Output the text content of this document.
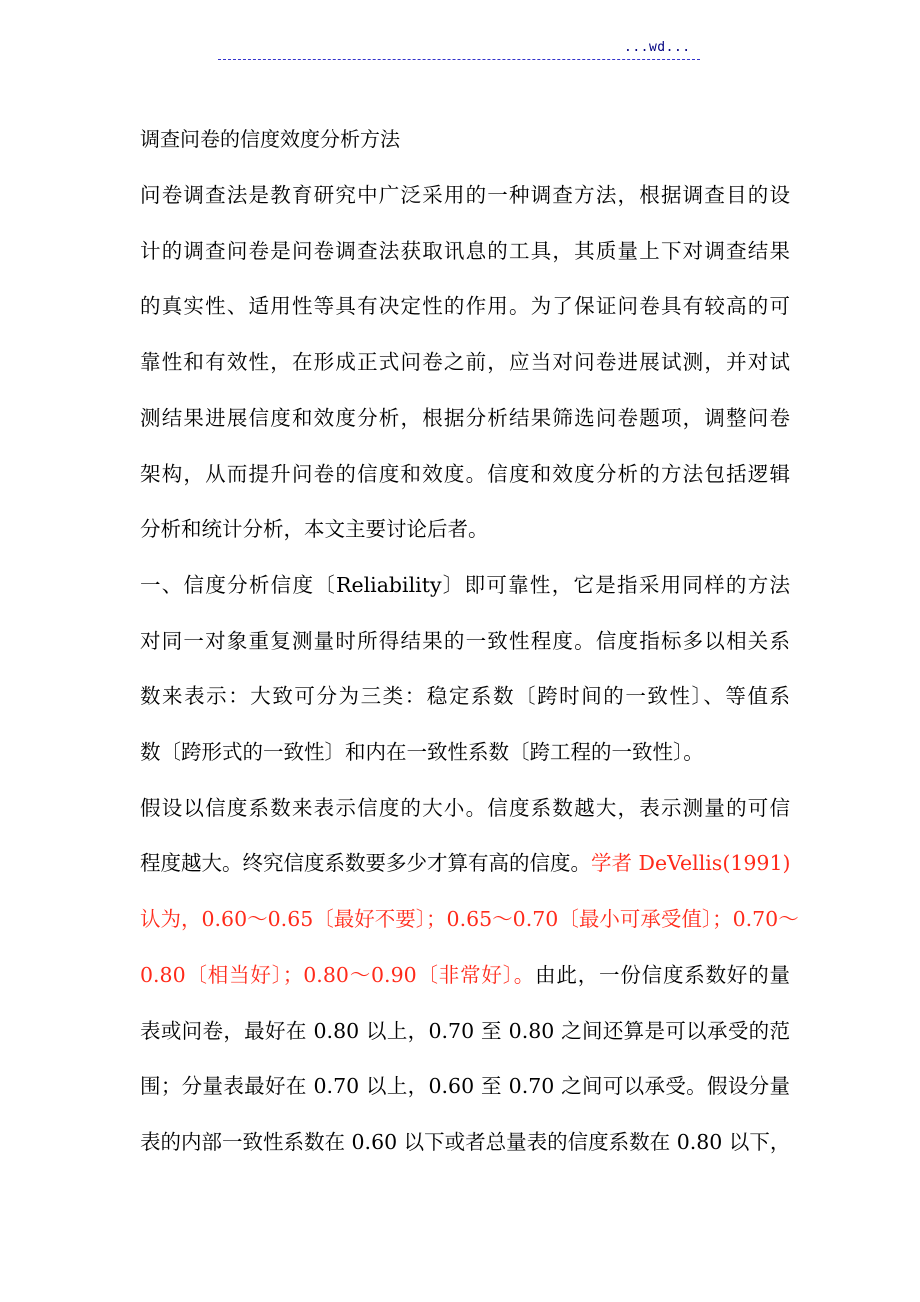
...wd...
调查问卷的信度效度分析方法
问卷调查法是教育研究中广泛采用的一种调查方法，根据调查目的设
计的调查问卷是问卷调查法获取讯息的工具，其质量上下对调查结果
的真实性、适用性等具有决定性的作用。为了保证问卷具有较高的可
靠性和有效性，在形成正式问卷之前，应当对问卷进展试测，并对试
测结果进展信度和效度分析，根据分析结果筛选问卷题项，调整问卷
架构，从而提升问卷的信度和效度。信度和效度分析的方法包括逻辑
分析和统计分析，本文主要讨论后者。
一、信度分析信度〔Reliability〕即可靠性，它是指采用同样的方法
对同一对象重复测量时所得结果的一致性程度。信度指标多以相关系
数来表示：大致可分为三类：稳定系数〔跨时间的一致性〕、等值系
数〔跨形式的一致性〕和内在一致性系数〔跨工程的一致性〕。
假设以信度系数来表示信度的大小。信度系数越大，表示测量的可信
程度越大。终究信度系数要多少才算有高的信度。学者 DeVellis(1991)
认为，0.60～0.65〔最好不要〕；0.65～0.70〔最小可承受值〕；0.70～
0.80〔相当好〕；0.80～0.90〔非常好〕。由此，一份信度系数好的量
表或问卷，最好在 0.80 以上，0.70 至 0.80 之间还算是可以承受的范
围；分量表最好在 0.70 以上，0.60 至 0.70 之间可以承受。假设分量
表的内部一致性系数在 0.60 以下或者总量表的信度系数在 0.80 以下，
